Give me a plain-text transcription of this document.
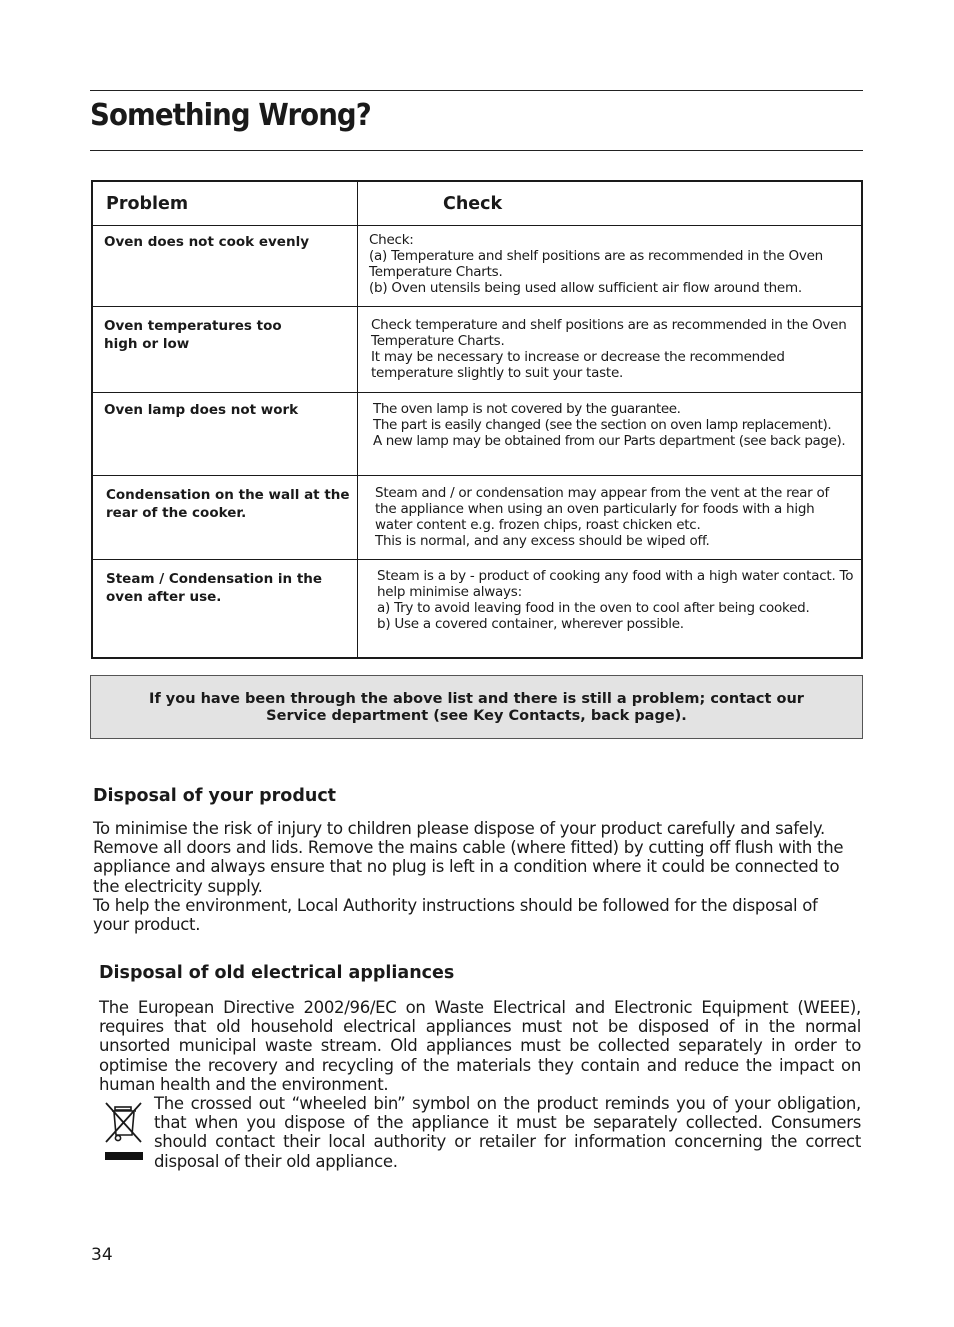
Something Wrong?
Problem	Check

Oven does not cook evenly	Check:
(a) Temperature and shelf positions are as recommended in the Oven Temperature Charts.
(b) Oven utensils being used allow sufficient air flow around them.

Oven temperatures too high or low	Check temperature and shelf positions are as recommended in the Oven Temperature Charts.
It may be necessary to increase or decrease the recommended temperature slightly to suit your taste.

Oven lamp does not work	The oven lamp is not covered by the guarantee.
The part is easily changed (see the section on oven lamp replacement).
A new lamp may be obtained from our Parts department (see back page).

Condensation on the wall at the rear of the cooker.	Steam and / or condensation may appear from the vent at the rear of the appliance when using an oven particularly for foods with a high water content e.g. frozen chips, roast chicken etc.
This is normal, and any excess should be wiped off.

Steam / Condensation in the oven after use.	Steam is a by - product of cooking any food with a high water contact. To help minimise always:
a) Try to avoid leaving food in the oven to cool after being cooked.
b) Use a covered container, wherever possible.
If you have been through the above list and there is still a problem; contact our Service department (see Key Contacts, back page).
Disposal of your product

To minimise the risk of injury to children please dispose of your product carefully and safely. Remove all doors and lids. Remove the mains cable (where fitted) by cutting off flush with the appliance and always ensure that no plug is left in a condition where it could be connected to the electricity supply.

To help the environment, Local Authority instructions should be followed for the disposal of your product.

Disposal of old electrical appliances

The European Directive 2002/96/EC on Waste Electrical and Electronic Equipment (WEEE), requires that old household electrical appliances must not be disposed of in the normal unsorted municipal waste stream. Old appliances must be collected separately in order to optimise the recovery and recycling of the materials they contain and reduce the impact on human health and the environment.

The crossed out “wheeled bin” symbol on the product reminds you of your obligation, that when you dispose of the appliance it must be separately collected. Consumers should contact their local authority or retailer for information concerning the correct disposal of their old appliance.

34
